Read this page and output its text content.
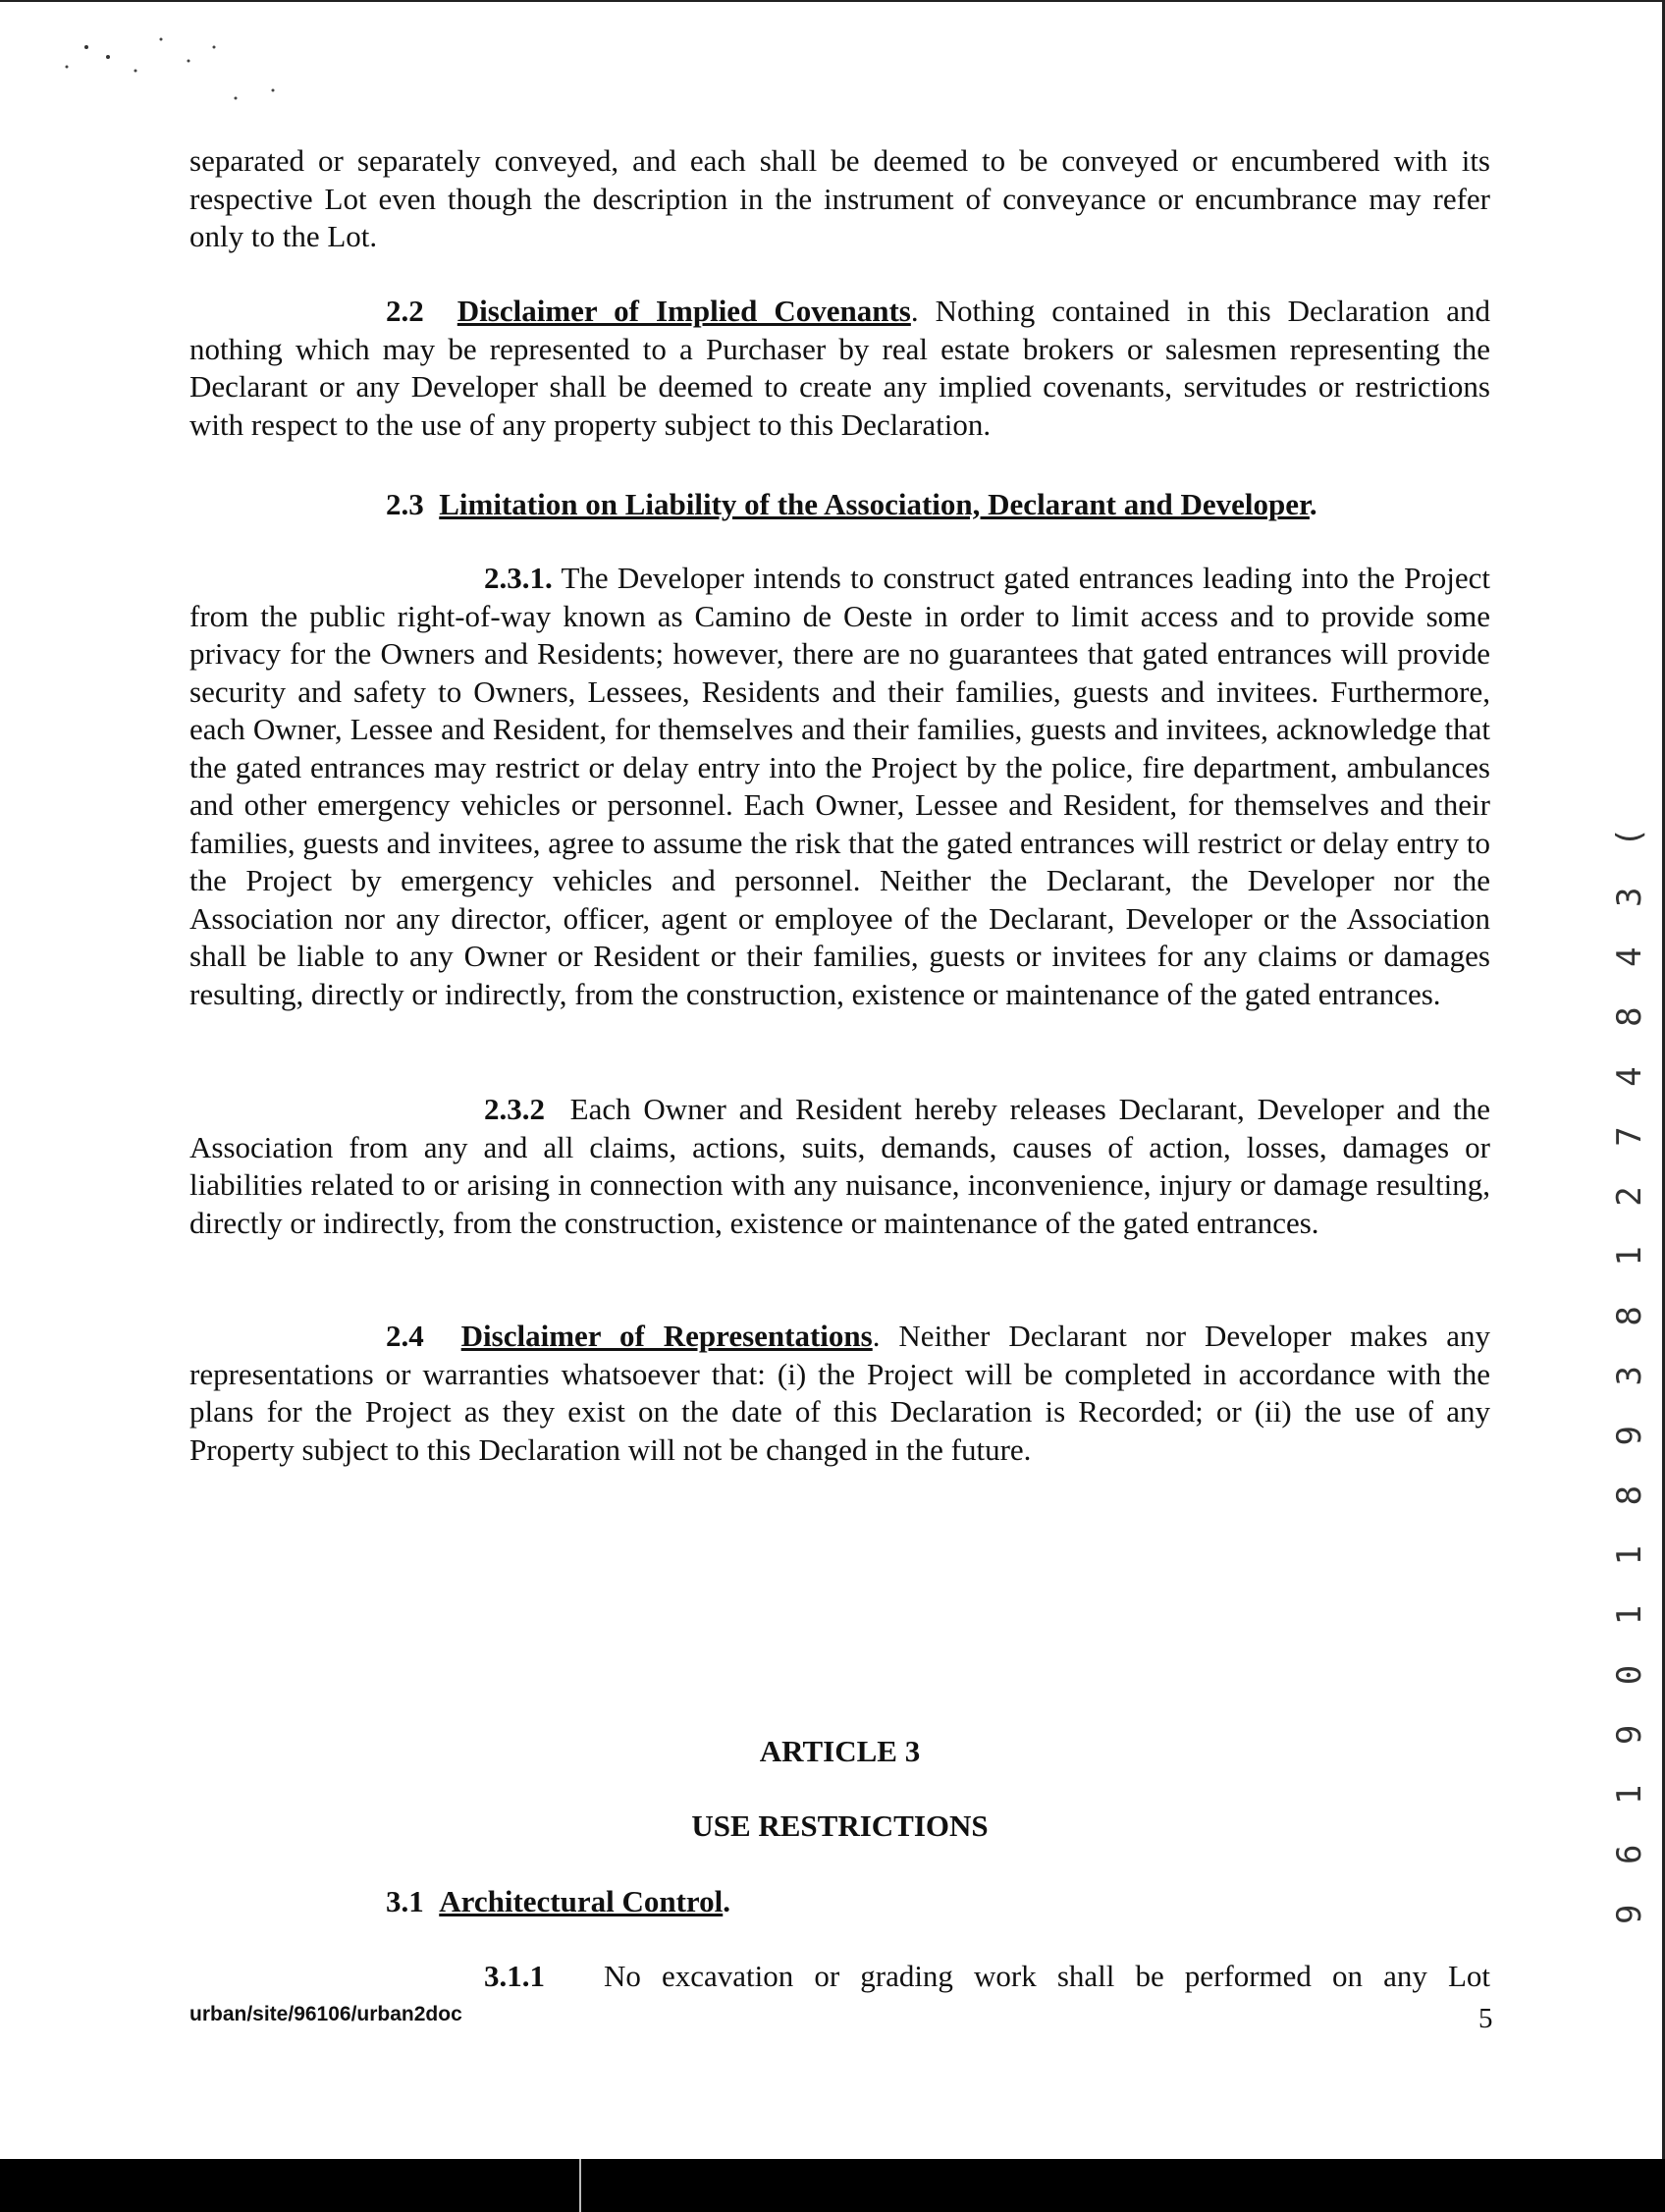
separated or separately conveyed, and each shall be deemed to be conveyed or encumbered with its respective Lot even though the description in the instrument of conveyance or encumbrance may refer only to the Lot.

2.2 Disclaimer of Implied Covenants. Nothing contained in this Declaration and nothing which may be represented to a Purchaser by real estate brokers or salesmen representing the Declarant or any Developer shall be deemed to create any implied covenants, servitudes or restrictions with respect to the use of any property subject to this Declaration.

2.3 Limitation on Liability of the Association, Declarant and Developer.

2.3.1. The Developer intends to construct gated entrances leading into the Project from the public right-of-way known as Camino de Oeste in order to limit access and to provide some privacy for the Owners and Residents; however, there are no guarantees that gated entrances will provide security and safety to Owners, Lessees, Residents and their families, guests and invitees. Furthermore, each Owner, Lessee and Resident, for themselves and their families, guests and invitees, acknowledge that the gated entrances may restrict or delay entry into the Project by the police, fire department, ambulances and other emergency vehicles or personnel. Each Owner, Lessee and Resident, for themselves and their families, guests and invitees, agree to assume the risk that the gated entrances will restrict or delay entry to the Project by emergency vehicles and personnel. Neither the Declarant, the Developer nor the Association nor any director, officer, agent or employee of the Declarant, Developer or the Association shall be liable to any Owner or Resident or their families, guests or invitees for any claims or damages resulting, directly or indirectly, from the construction, existence or maintenance of the gated entrances.

2.3.2  Each Owner and Resident hereby releases Declarant, Developer and the Association from any and all claims, actions, suits, demands, causes of action, losses, damages or liabilities related to or arising in connection with any nuisance, inconvenience, injury or damage resulting, directly or indirectly, from the construction, existence or maintenance of the gated entrances.

2.4 Disclaimer of Representations. Neither Declarant nor Developer makes any representations or warranties whatsoever that: (i) the Project will be completed in accordance with the plans for the Project as they exist on the date of this Declaration is Recorded; or (ii) the use of any Property subject to this Declaration will not be changed in the future.

ARTICLE 3
USE RESTRICTIONS
3.1 Architectural Control.
3.1.1 No excavation or grading work shall be performed on any Lot
urban/site/96106/urban2doc	5
9 6 1 9 0 1 1 8 9 3 8 1 2 7 4 8 4 3 (
